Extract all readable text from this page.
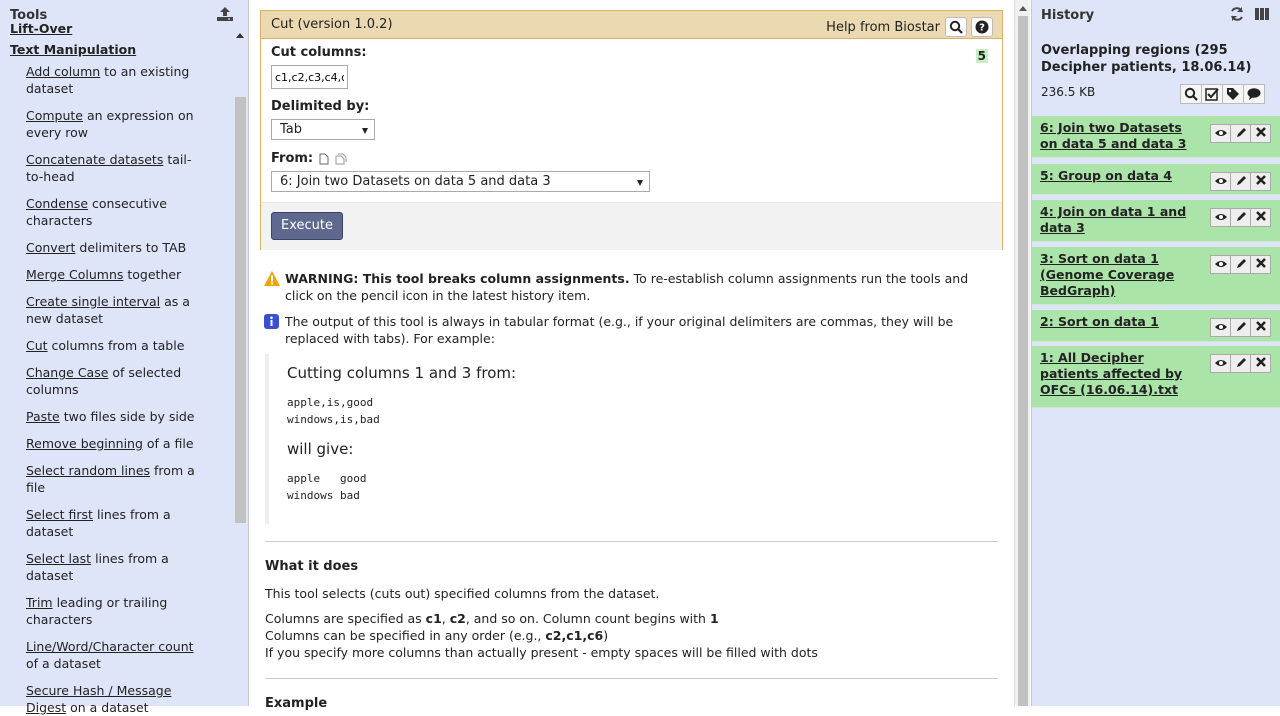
Tools
Lift-Over
Text Manipulation
Add column to an existing dataset
Compute an expression on every row
Concatenate datasets tail-to-head
Condense consecutive characters
Convert delimiters to TAB
Merge Columns together
Create single interval as a new dataset
Cut columns from a table
Change Case of selected columns
Paste two files side by side
Remove beginning of a file
Select random lines from a file
Select first lines from a dataset
Select last lines from a dataset
Trim leading or trailing characters
Line/Word/Character count of a dataset
Secure Hash / Message Digest on a dataset
Cut (version 1.0.2)	Help from Biostar	?
Cut columns:	5
c1,c2,c3,c4,c7
Delimited by:
Tab
From:
6: Join two Datasets on data 5 and data 3
Execute
WARNING: This tool breaks column assignments. To re-establish column assignments run the tools and click on the pencil icon in the latest history item.
The output of this tool is always in tabular format (e.g., if your original delimiters are commas, they will be replaced with tabs). For example:
Cutting columns 1 and 3 from:
apple,is,good
windows,is,bad
will give:
apple   good
windows bad
What it does
This tool selects (cuts out) specified columns from the dataset.
Columns are specified as c1, c2, and so on. Column count begins with 1
Columns can be specified in any order (e.g., c2,c1,c6)
If you specify more columns than actually present - empty spaces will be filled with dots
Example
History
Overlapping regions (295 Decipher patients, 18.06.14)
236.5 KB
6: Join two Datasets on data 5 and data 3
5: Group on data 4
4: Join on data 1 and data 3
3: Sort on data 1 (Genome Coverage BedGraph)
2: Sort on data 1
1: All Decipher patients affected by OFCs (16.06.14).txt
